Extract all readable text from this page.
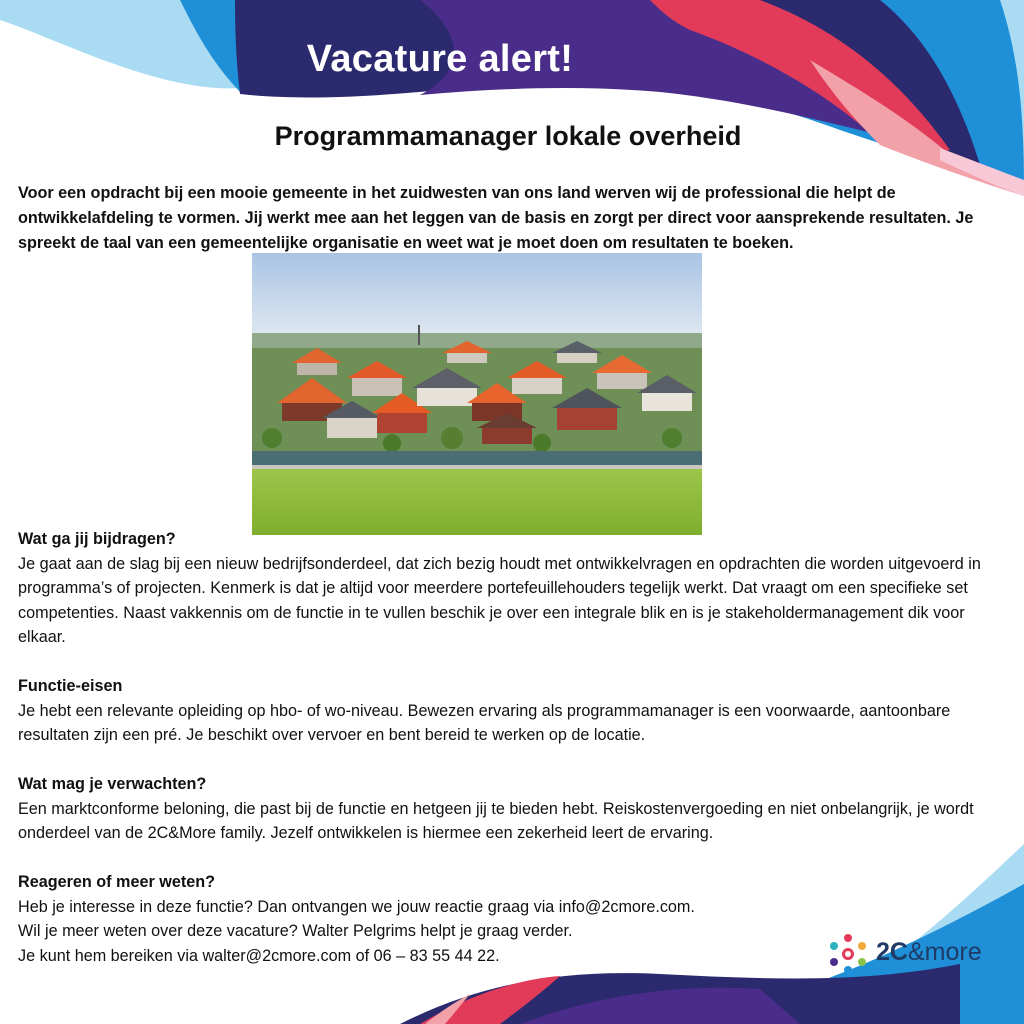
Vacature alert!
Programmamanager lokale overheid
Voor een opdracht bij een mooie gemeente in het zuidwesten van ons land werven wij de professional die helpt de ontwikkelafdeling te vormen. Jij werkt mee aan het leggen van de basis en zorgt per direct voor aansprekende resultaten. Je spreekt de taal van een gemeentelijke organisatie en weet wat je moet doen om resultaten te boeken.
Wat ga jij bijdragen?

Je gaat aan de slag bij een nieuw bedrijfsonderdeel, dat zich bezig houdt met ontwikkelvragen en opdrachten die worden uitgevoerd in programma’s of projecten. Kenmerk is dat je altijd voor meerdere portefeuillehouders tegelijk werkt. Dat vraagt om een specifieke set competenties. Naast vakkennis om de functie in te vullen beschik je over een integrale blik en is je stakeholdermanagement dik voor elkaar.

Functie-eisen

Je hebt een relevante opleiding op hbo- of wo-niveau. Bewezen ervaring als programmamanager is een voorwaarde, aantoonbare resultaten zijn een pré. Je beschikt over vervoer en bent bereid te werken op de locatie.

Wat mag je verwachten?

Een marktconforme beloning, die past bij de functie en hetgeen jij te bieden hebt. Reiskostenvergoeding en niet onbelangrijk, je wordt onderdeel van de 2C&More family. Jezelf ontwikkelen is hiermee een zekerheid leert de ervaring.

Reageren of meer weten?

Heb je interesse in deze functie? Dan ontvangen we jouw reactie graag via info@2cmore.com.

Wil je meer weten over deze vacature? Walter Pelgrims helpt je graag verder.

Je kunt hem bereiken via walter@2cmore.com of 06 – 83 55 44 22.	2C&more
